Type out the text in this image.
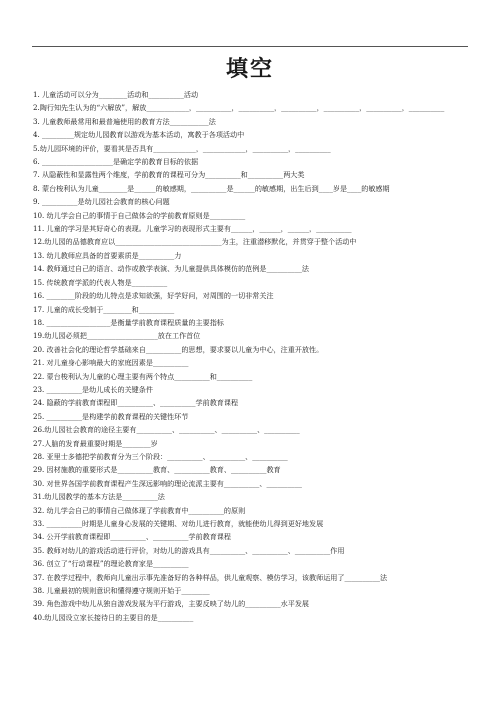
填空
1. 儿童活动可以分为________活动和__________活动
2.陶行知先生认为的“六解放”，解放____________，__________，__________，__________，__________，__________，__________
3. 儿童教师最常用和最普遍使用的教育方法___________法
4. _________规定幼儿园教育以游戏为基本活动，寓教于各项活动中
5.幼儿园环境的评价，要看其是否具有____________，____________，__________，__________
6. ____________________是确定学前教育目标的依据
7. 从隐蔽性和显露性两个维度，学前教育的课程可分为__________和__________两大类
8. 蒙台梭利认为儿童________是______的敏感期，__________是______的敏感期，出生后到____岁是____的敏感期
9. __________是幼儿园社会教育的核心问题
10. 幼儿学会自己的事情于自己做体会的学前教育原则是__________
11. 儿童的学习是其好奇心的表现。儿童学习的表现形式主要有______，______，______，__________
12.幼儿园的品德教育应以______________________________为主，注重潜移默化，并贯穿于整个活动中
13. 幼儿教师应具备的首要素质是__________力
14. 教师通过自己的语言、动作或教学表演、为儿童提供具体模仿的范例是__________法
15. 传统教育学派的代表人物是__________
16. ________阶段的幼儿特点是求知欲强，好学好问，对周围的一切非常关注
17. 儿童的成长受制于________和__________
18. __________________是衡量学前教育课程质量的主要指标
19.幼儿园必须把____________________放在工作首位
20. 改善社会化的理论哲学基础来自__________的思想，要求要以儿童为中心，注重开放性。
21. 对儿童身心影响最大的家庭因素是__________
22. 蒙台梭利认为儿童的心理主要有两个特点__________和__________
23. __________是幼儿成长的关键条件
24. 隐蔽的学前教育课程即__________、__________学前教育课程
25. __________是构建学前教育课程的关键性环节
26.幼儿园社会教育的途径主要有__________、__________、__________、__________
27.人脑的发育最重要时期是________岁
28. 亚里士多德把学前教育分为三个阶段：__________、__________、__________
29. 因材施教的重要形式是__________教育、__________教育、__________教育
30. 对世界各国学前教育课程产生深远影响的理论流派主要有__________、__________
31.幼儿园教学的基本方法是__________法
32. 幼儿学会自己的事情自己做体现了学前教育中__________的原则
33. __________时期是儿童身心发展的关键期、对幼儿进行教育，就能使幼儿得到更好地发展
34. 公开学前教育课程即__________、__________学前教育课程
35. 教师对幼儿的游戏活动进行评价，对幼儿的游戏具有__________、__________、__________作用
36. 创立了“行动课程”的理论教育家是__________
37. 在教学过程中，教师向儿童出示事先准备好的各种样品，供儿童观察、模仿学习，该教师运用了__________法
38. 儿童最初的规则意识和懂得遵守规则开始于________
39. 角色游戏中幼儿从独自游戏发展为平行游戏，主要反映了幼儿的__________水平发展
40.幼儿园设立家长接待日的主要目的是__________
